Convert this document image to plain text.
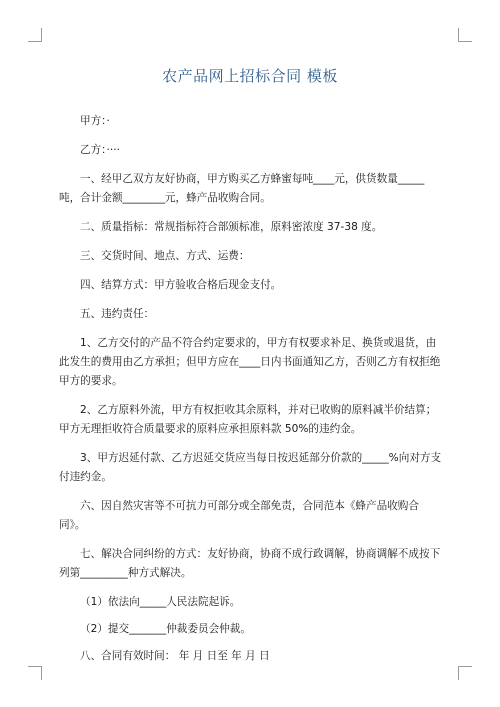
农产品网上招标合同 模板

甲方：·

乙方：····

一、经甲乙双方友好协商，甲方购买乙方蜂蜜每吨____元，供货数量_____吨，合计金额________元，蜂产品收购合同。

二、质量指标：常规指标符合部颁标准，原料密浓度 37-38 度。

三、交货时间、地点、方式、运费：

四、结算方式：甲方验收合格后现金支付。

五、违约责任：

1、乙方交付的产品不符合约定要求的，甲方有权要求补足、换货或退货，由此发生的费用由乙方承担；但甲方应在____日内书面通知乙方，否则乙方有权拒绝甲方的要求。

2、乙方原料外流，甲方有权拒收其余原料，并对已收购的原料减半价结算；甲方无理拒收符合质量要求的原料应承担原料款 50%的违约金。

3、甲方迟延付款、乙方迟延交货应当每日按迟延部分价款的_____%向对方支付违约金。

六、因自然灾害等不可抗力可部分或全部免责，合同范本《蜂产品收购合同》。

七、解决合同纠纷的方式：友好协商，协商不成行政调解，协商调解不成按下列第_________种方式解决。

（1）依法向_____人民法院起诉。

（2）提交_______仲裁委员会仲裁。

八、合同有效时间： 年 月 日至 年 月 日
